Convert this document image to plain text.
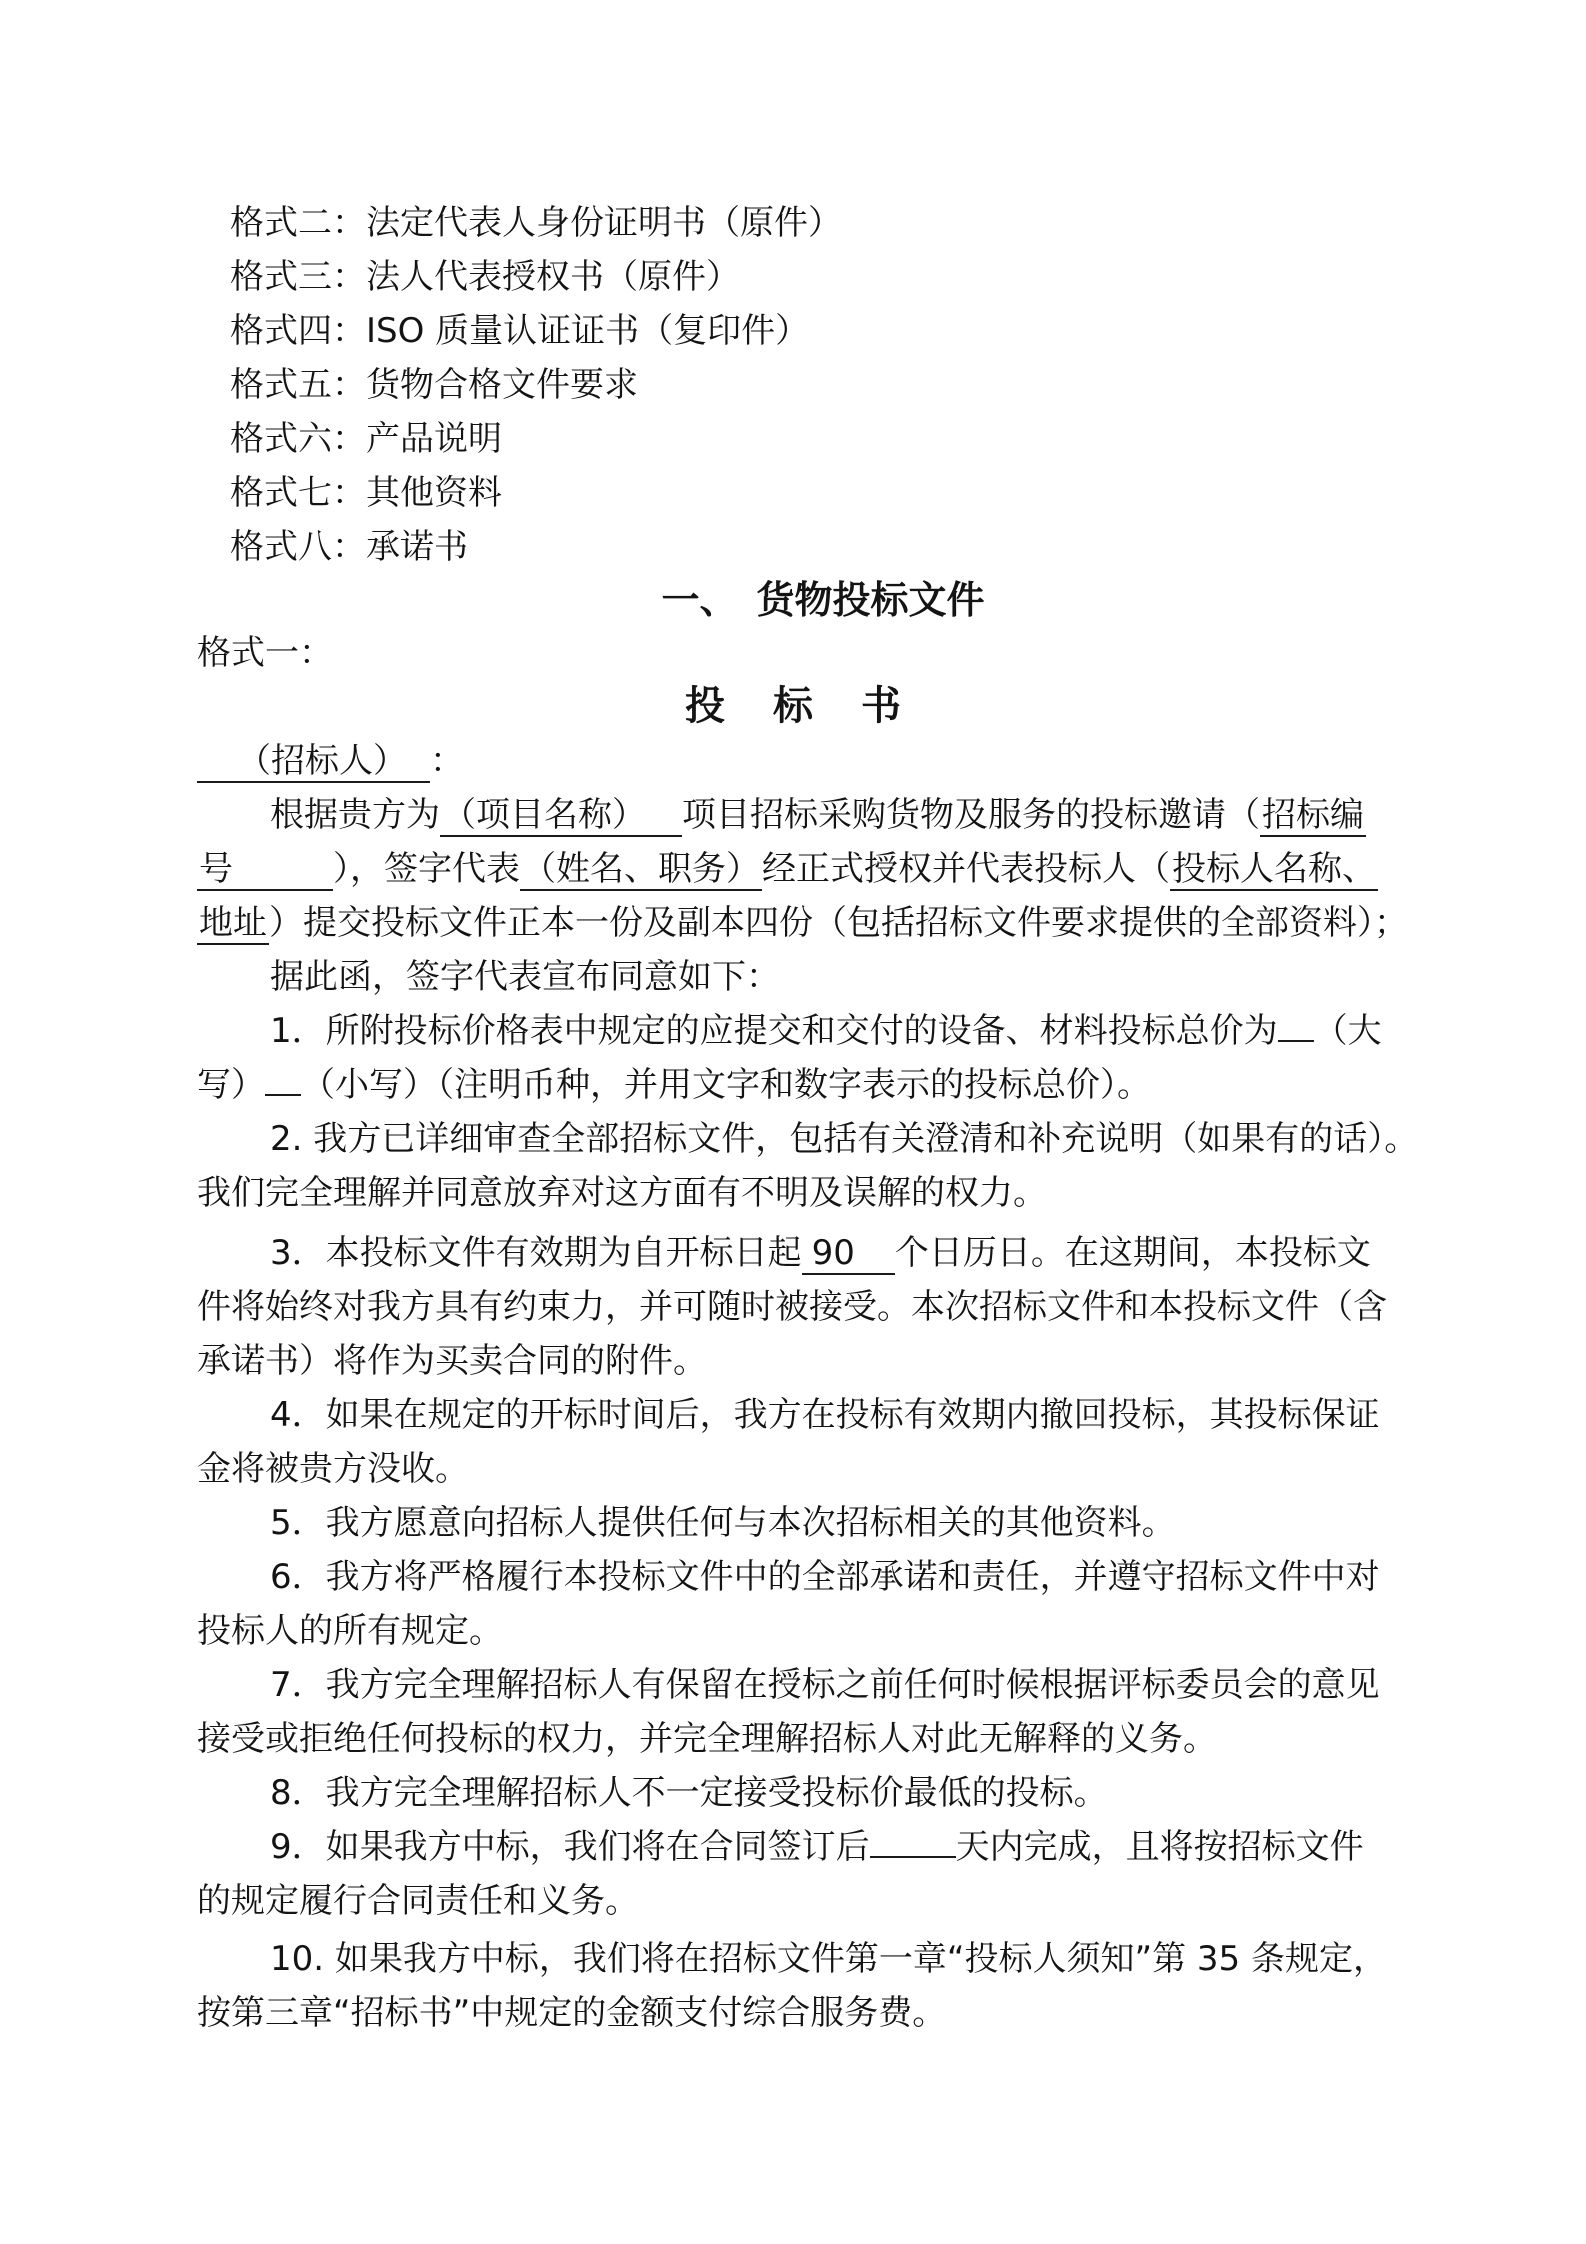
格式二：法定代表人身份证明书（原件）
格式三：法人代表授权书（原件）
格式四：ISO 质量认证证书（复印件）
格式五：货物合格文件要求
格式六：产品说明
格式七：其他资料
格式八：承诺书
一、　货物投标文件
格式一：
投标书
（招标人） ：
根据贵方为（项目名称） 项目招标采购货物及服务的投标邀请（招标编
号	），签字代表（姓名、职务）经正式授权并代表投标人（投标人名称、
地址）提交投标文件正本一份及副本四份（包括招标文件要求提供的全部资料）；
据此函，签字代表宣布同意如下：
1．所附投标价格表中规定的应提交和交付的设备、材料投标总价为 （大
写） （小写）（注明币种，并用文字和数字表示的投标总价）。
2. 我方已详细审查全部招标文件，包括有关澄清和补充说明（如果有的话）。
我们完全理解并同意放弃对这方面有不明及误解的权力。
3．本投标文件有效期为自开标日起 90 个日历日。在这期间，本投标文
件将始终对我方具有约束力，并可随时被接受。本次招标文件和本投标文件（含
承诺书）将作为买卖合同的附件。
4．如果在规定的开标时间后，我方在投标有效期内撤回投标，其投标保证
金将被贵方没收。
5．我方愿意向招标人提供任何与本次招标相关的其他资料。
6．我方将严格履行本投标文件中的全部承诺和责任，并遵守招标文件中对
投标人的所有规定。
7．我方完全理解招标人有保留在授标之前任何时候根据评标委员会的意见
接受或拒绝任何投标的权力，并完全理解招标人对此无解释的义务。
8．我方完全理解招标人不一定接受投标价最低的投标。
9．如果我方中标，我们将在合同签订后	天内完成，且将按招标文件
的规定履行合同责任和义务。
10. 如果我方中标，我们将在招标文件第一章“投标人须知”第 35 条规定，
按第三章“招标书”中规定的金额支付综合服务费。
